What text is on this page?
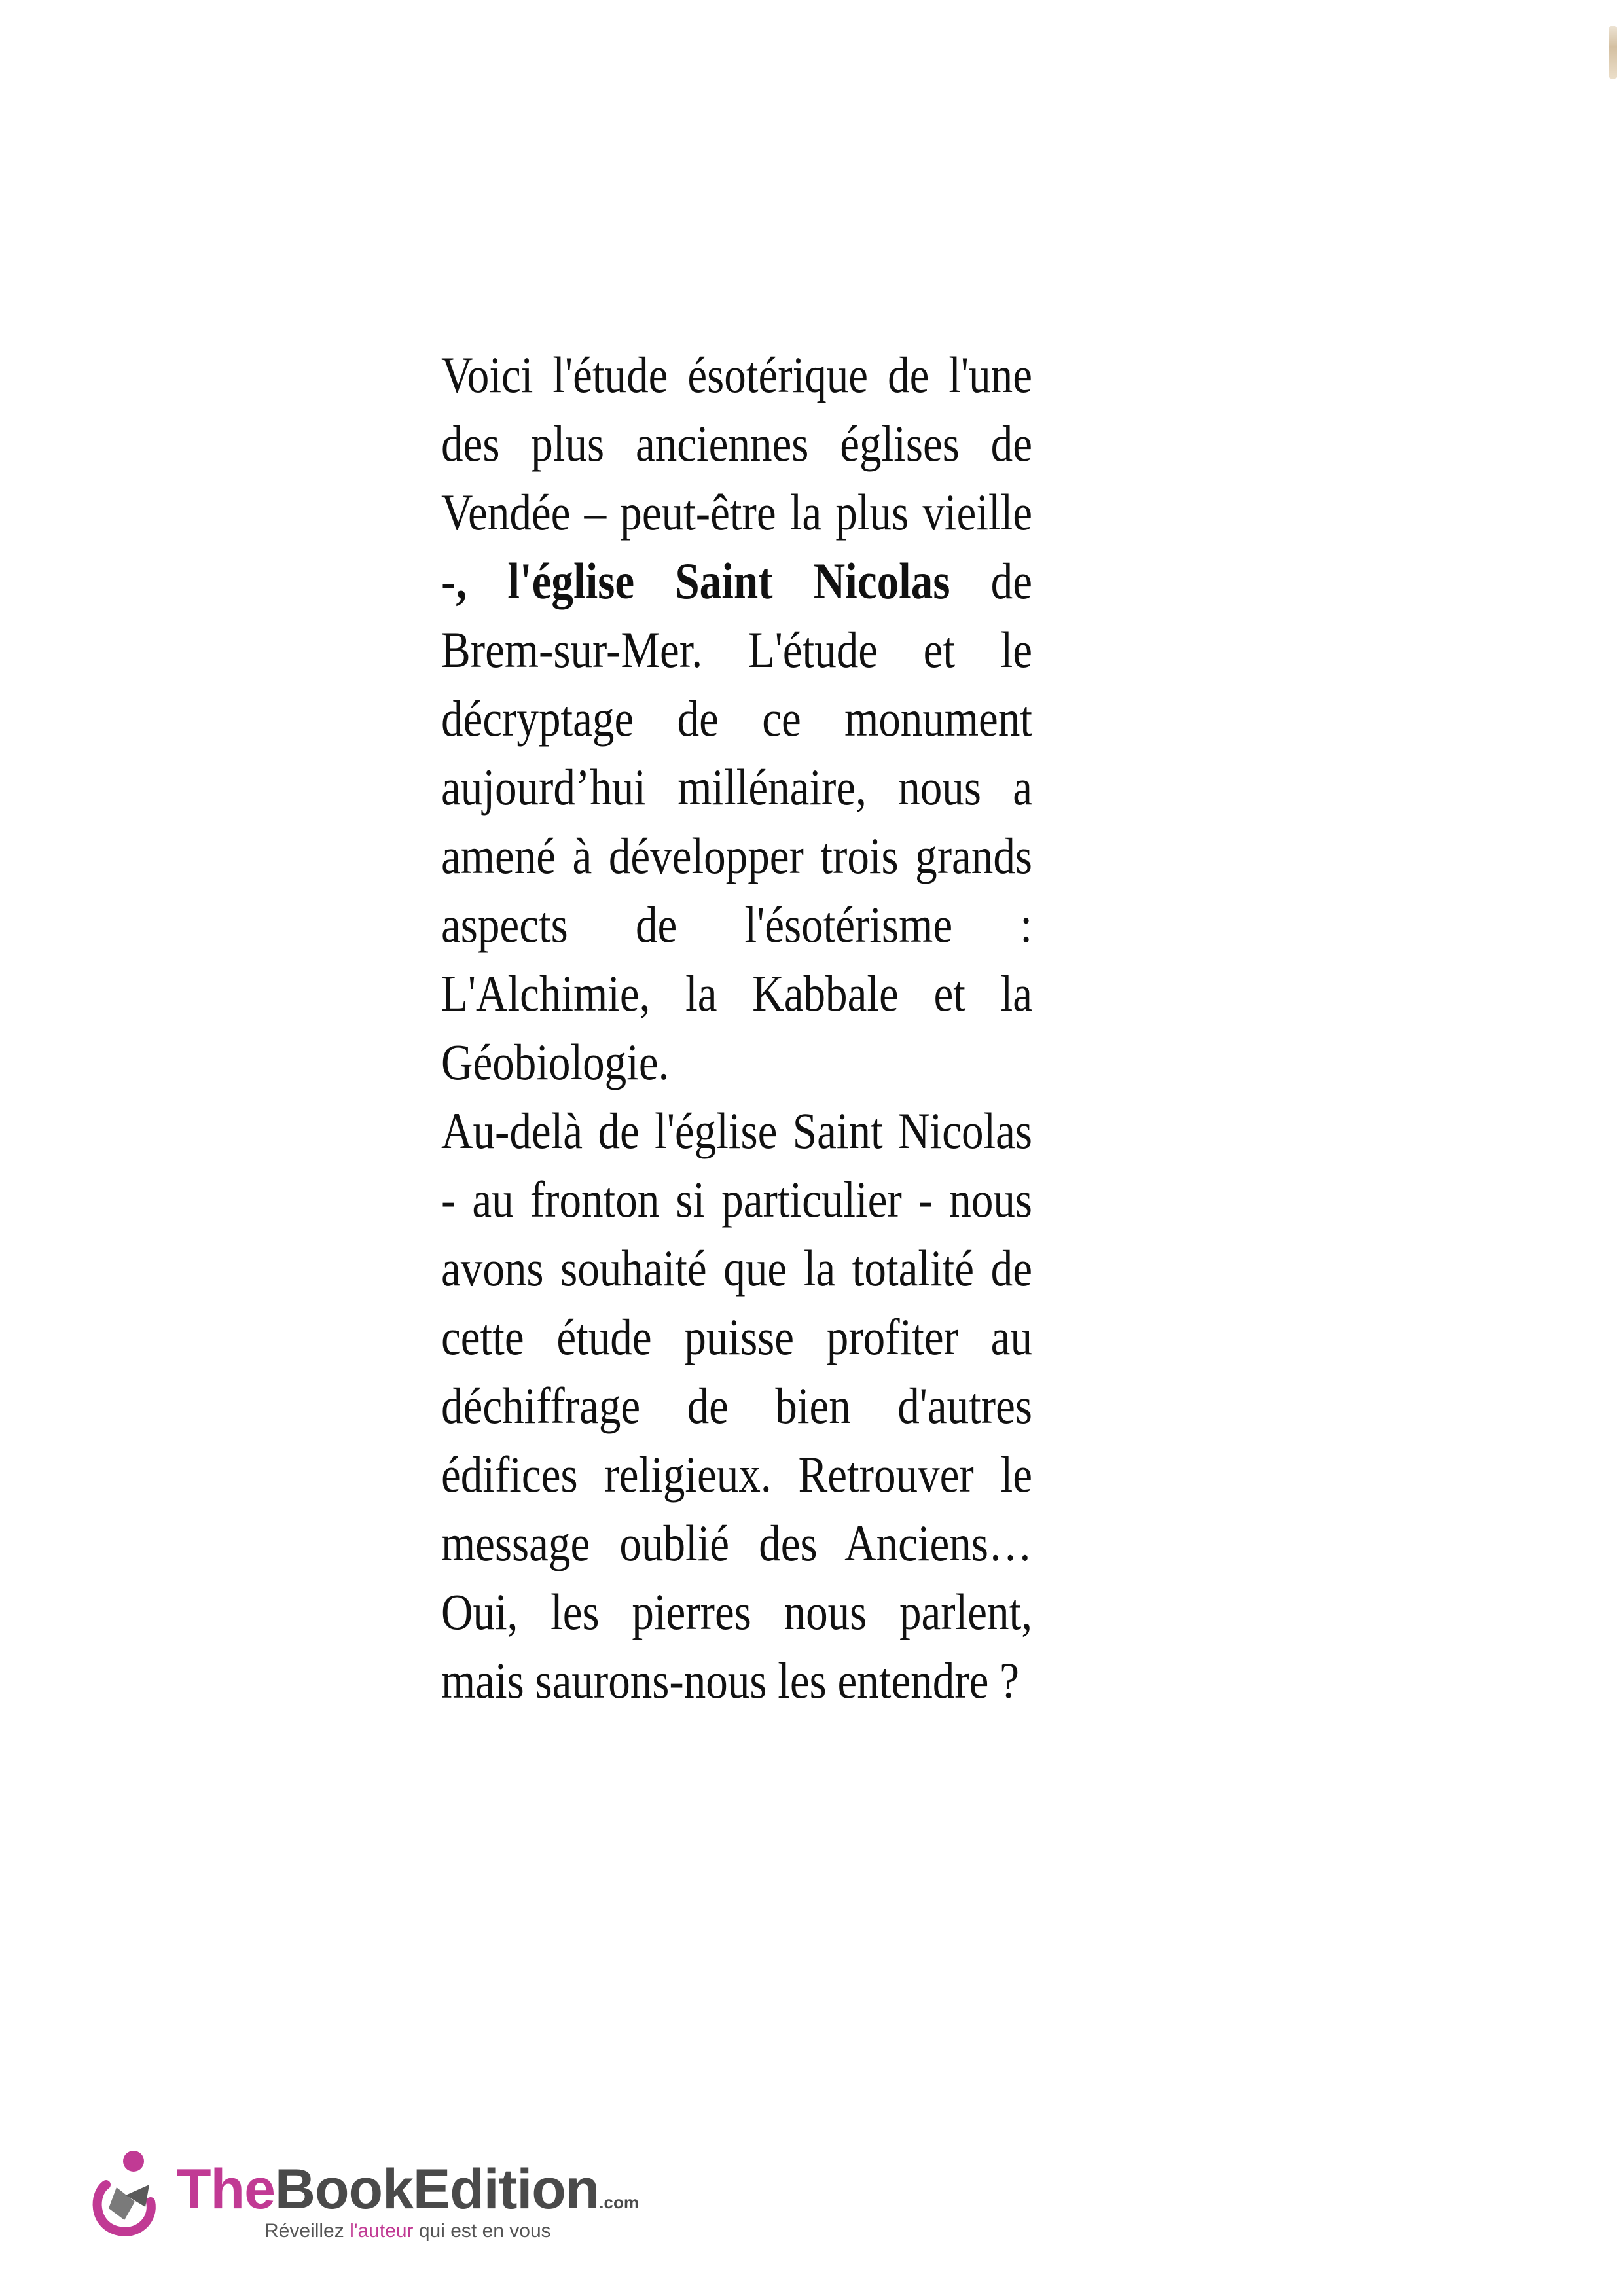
Voici l'étude ésotérique de l'une des plus anciennes églises de Vendée – peut-être la plus vieille -, l'église Saint Nicolas de Brem-sur-Mer. L'étude et le décryptage de ce monument aujourd’hui millénaire, nous a amené à développer trois grands aspects de l'ésotérisme : L'Alchimie, la Kabbale et la Géobiologie.

Au-delà de l'église Saint Nicolas - au fronton si particulier - nous avons souhaité que la totalité de cette étude puisse profiter au déchiffrage de bien d'autres édifices religieux. Retrouver le message oublié des Anciens… Oui, les pierres nous parlent, mais saurons-nous les entendre ?

TheBookEdition.com
Réveillez l'auteur qui est en vous
